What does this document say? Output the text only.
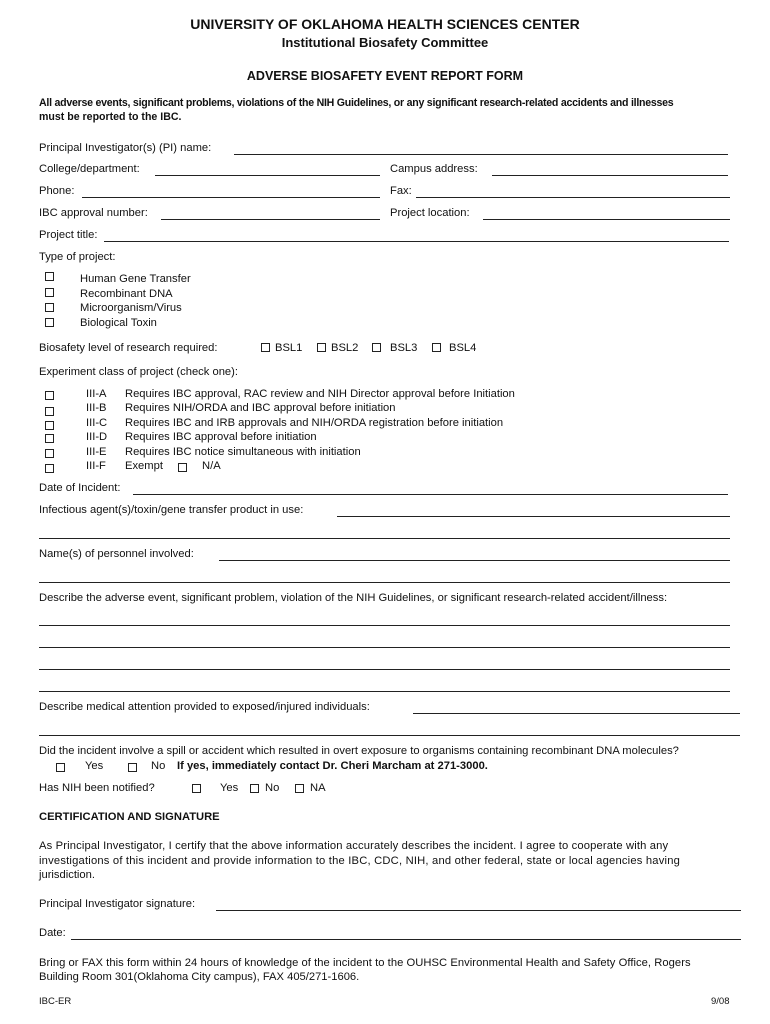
UNIVERSITY OF OKLAHOMA HEALTH SCIENCES CENTER
Institutional Biosafety Committee
ADVERSE BIOSAFETY EVENT REPORT FORM
All adverse events, significant problems, violations of the NIH Guidelines, or any significant research-related accidents and illnesses
must be reported to the IBC.
Principal Investigator(s) (PI) name:
College/department:	Campus address:
Phone:	Fax:
IBC approval number:	Project location:
Project title:
Type of project:
Human Gene Transfer
Recombinant DNA
Microorganism/Virus
Biological Toxin
Biosafety level of research required:	BSL1	BSL2	BSL3	BSL4
Experiment class of project (check one):
III-A Requires IBC approval, RAC review and NIH Director approval before Initiation
III-B Requires NIH/ORDA and IBC approval before initiation
III-C Requires IBC and IRB approvals and NIH/ORDA registration before initiation
III-D Requires IBC approval before initiation
III-E Requires IBC notice simultaneous with initiation
III-F Exempt	N/A
Date of Incident:
Infectious agent(s)/toxin/gene transfer product in use:
Name(s) of personnel involved:
Describe the adverse event, significant problem, violation of the NIH Guidelines, or significant research-related accident/illness:
Describe medical attention provided to exposed/injured individuals:
Did the incident involve a spill or accident which resulted in overt exposure to organisms containing recombinant DNA molecules?
Yes	No If yes, immediately contact Dr. Cheri Marcham at 271-3000.
Has NIH been notified?	Yes No	NA
CERTIFICATION AND SIGNATURE
As Principal Investigator, I certify that the above information accurately describes the incident. I agree to cooperate with any
investigations of this incident and provide information to the IBC, CDC, NIH, and other federal, state or local agencies having
jurisdiction.
Principal Investigator signature:
Date:
Bring or FAX this form within 24 hours of knowledge of the incident to the OUHSC Environmental Health and Safety Office, Rogers
Building Room 301(Oklahoma City campus), FAX 405/271-1606.
IBC-ER	9/08
